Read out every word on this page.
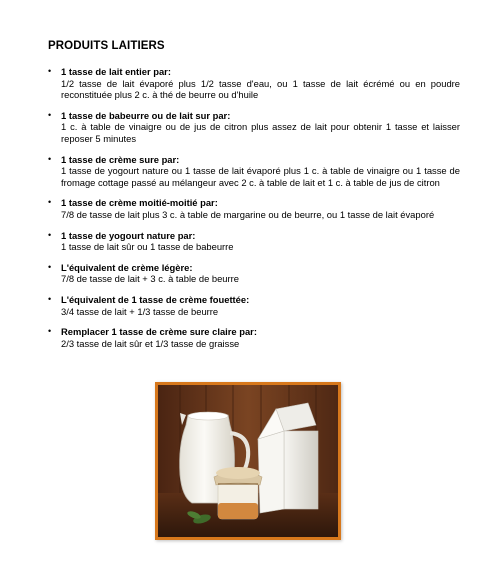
PRODUITS LAITIERS
• 1 tasse de lait entier par:
1/2 tasse de lait évaporé plus 1/2 tasse d'eau, ou 1 tasse de lait écrémé ou en poudre reconstituée plus 2 c. à thé de beurre ou d'huile
• 1 tasse de babeurre ou de lait sur par:
1 c. à table de vinaigre ou de jus de citron plus assez de lait pour obtenir 1 tasse et laisser reposer 5 minutes
• 1 tasse de crème sure par:
1 tasse de yogourt nature ou 1 tasse de lait évaporé plus 1 c. à table de vinaigre ou 1 tasse de fromage cottage passé au mélangeur avec 2 c. à table de lait et 1 c. à table de jus de citron
• 1 tasse de crème moitié-moitié par:
7/8 de tasse de lait plus 3 c. à table de margarine ou de beurre, ou 1 tasse de lait évaporé
• 1 tasse de yogourt nature par:
1 tasse de lait sûr ou 1 tasse de babeurre
• L'équivalent de crème légère:
7/8 de tasse de lait + 3 c. à table de beurre
• L'équivalent de 1 tasse de crème fouettée:
3/4 tasse de lait + 1/3 tasse de beurre
• Remplacer 1 tasse de crème sure claire par:
2/3 tasse de lait sûr et 1/3 tasse de graisse
